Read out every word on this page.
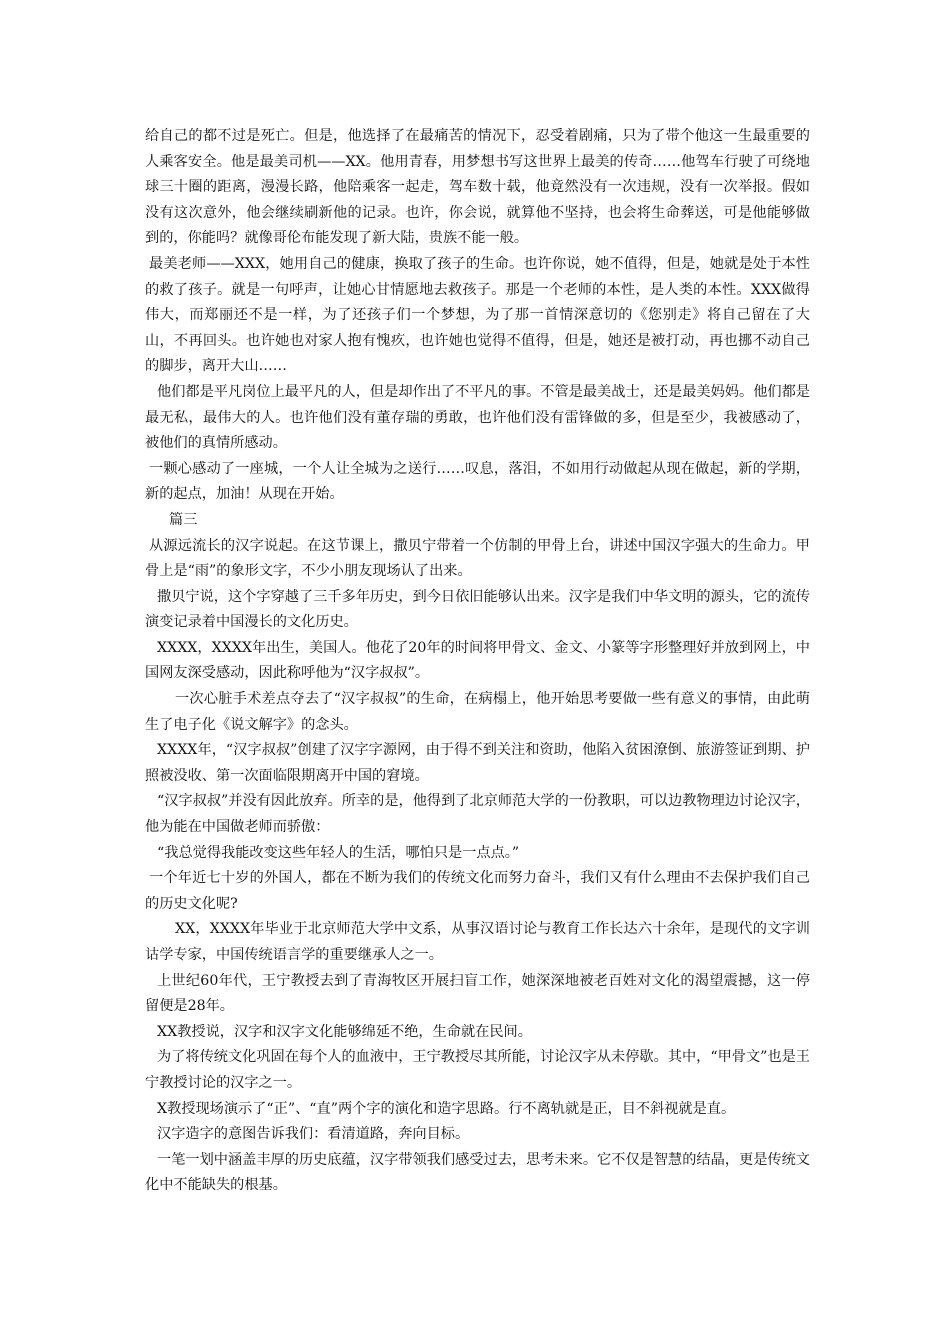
给自己的都不过是死亡。但是，他选择了在最痛苦的情况下，忍受着剧痛，只为了带个他这一生最重要的人乘客安全。他是最美司机——XX。他用青春，用梦想书写这世界上最美的传奇……他驾车行驶了可绕地球三十圈的距离，漫漫长路，他陪乘客一起走，驾车数十载，他竟然没有一次违规，没有一次举报。假如没有这次意外，他会继续刷新他的记录。也许，你会说，就算他不坚持，也会将生命葬送，可是他能够做到的，你能吗？就像哥伦布能发现了新大陆，贵族不能一般。

最美老师——XXX，她用自己的健康，换取了孩子的生命。也许你说，她不值得，但是，她就是处于本性的救了孩子。就是一句呼声，让她心甘情愿地去救孩子。那是一个老师的本性，是人类的本性。XXX做得伟大，而郑丽还不是一样，为了还孩子们一个梦想，为了那一首情深意切的《您别走》将自己留在了大山，不再回头。也许她也对家人抱有愧疚，也许她也觉得不值得，但是，她还是被打动，再也挪不动自己的脚步，离开大山……

他们都是平凡岗位上最平凡的人，但是却作出了不平凡的事。不管是最美战士，还是最美妈妈。他们都是最无私，最伟大的人。也许他们没有董存瑞的勇敢，也许他们没有雷锋做的多，但是至少，我被感动了，被他们的真情所感动。

一颗心感动了一座城，一个人让全城为之送行……叹息，落泪，不如用行动做起从现在做起，新的学期，新的起点，加油！从现在开始。

篇三

从源远流长的汉字说起。在这节课上，撒贝宁带着一个仿制的甲骨上台，讲述中国汉字强大的生命力。甲骨上是“雨”的象形文字，不少小朋友现场认了出来。

撒贝宁说，这个字穿越了三千多年历史，到今日依旧能够认出来。汉字是我们中华文明的源头，它的流传演变记录着中国漫长的文化历史。

XXXX，XXXX年出生，美国人。他花了20年的时间将甲骨文、金文、小篆等字形整理好并放到网上，中国网友深受感动，因此称呼他为“汉字叔叔”。

一次心脏手术差点夺去了“汉字叔叔”的生命，在病榻上，他开始思考要做一些有意义的事情，由此萌生了电子化《说文解字》的念头。

XXXX年，“汉字叔叔”创建了汉字字源网，由于得不到关注和资助，他陷入贫困潦倒、旅游签证到期、护照被没收、第一次面临限期离开中国的窘境。

“汉字叔叔”并没有因此放弃。所幸的是，他得到了北京师范大学的一份教职，可以边教物理边讨论汉字，他为能在中国做老师而骄傲：

“我总觉得我能改变这些年轻人的生活，哪怕只是一点点。”

一个年近七十岁的外国人，都在不断为我们的传统文化而努力奋斗，我们又有什么理由不去保护我们自己的历史文化呢?

XX，XXXX年毕业于北京师范大学中文系，从事汉语讨论与教育工作长达六十余年，是现代的文字训诂学专家，中国传统语言学的重要继承人之一。

上世纪60年代，王宁教授去到了青海牧区开展扫盲工作，她深深地被老百姓对文化的渴望震撼，这一停留便是28年。

XX教授说，汉字和汉字文化能够绵延不绝，生命就在民间。

为了将传统文化巩固在每个人的血液中，王宁教授尽其所能，讨论汉字从未停歇。其中，“甲骨文”也是王宁教授讨论的汉字之一。

X教授现场演示了“正”、“直”两个字的演化和造字思路。行不离轨就是正，目不斜视就是直。

汉字造字的意图告诉我们：看清道路，奔向目标。

一笔一划中涵盖丰厚的历史底蕴，汉字带领我们感受过去，思考未来。它不仅是智慧的结晶，更是传统文化中不能缺失的根基。
